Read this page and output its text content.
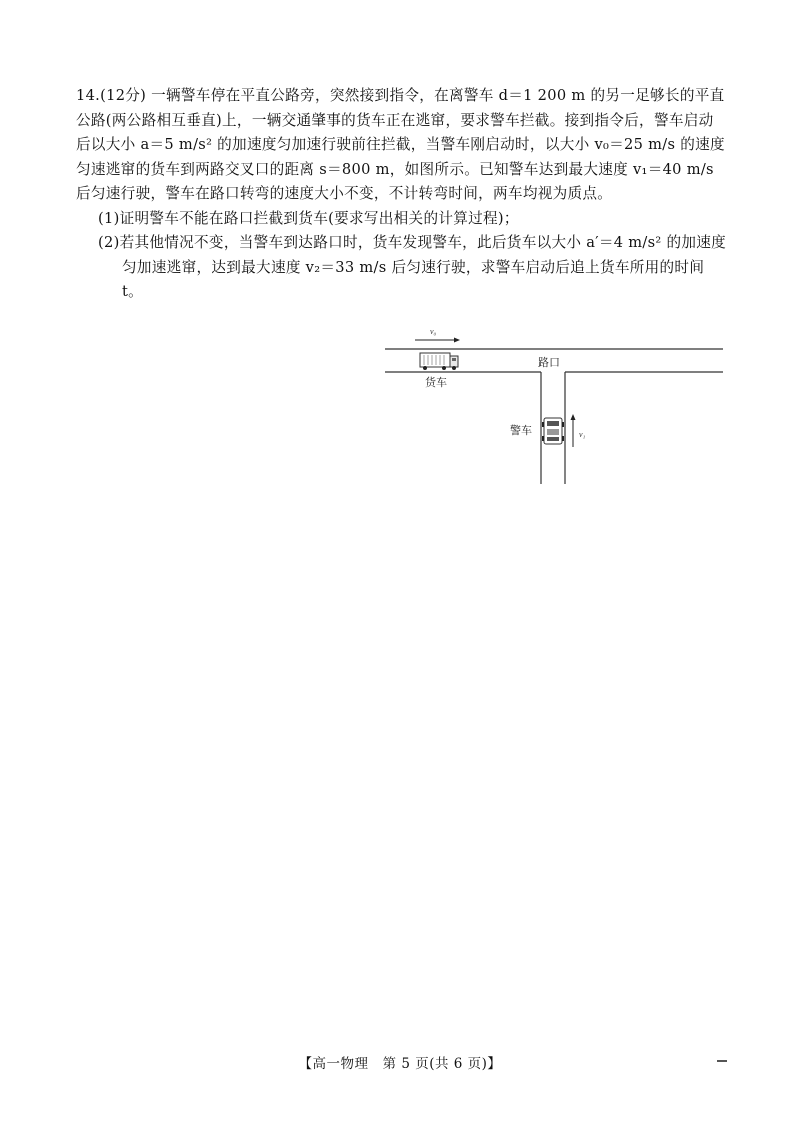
14.(12分) 一辆警车停在平直公路旁，突然接到指令，在离警车 d＝1 200 m 的另一足够长的平直公路(两公路相互垂直)上，一辆交通肇事的货车正在逃窜，要求警车拦截。接到指令后，警车启动后以大小 a＝5 m/s² 的加速度匀加速行驶前往拦截，当警车刚启动时，以大小 v₀＝25 m/s 的速度匀速逃窜的货车到两路交叉口的距离 s＝800 m，如图所示。已知警车达到最大速度 v₁＝40 m/s 后匀速行驶，警车在路口转弯的速度大小不变，不计转弯时间，两车均视为质点。

(1)证明警车不能在路口拦截到货车(要求写出相关的计算过程)；

(2)若其他情况不变，当警车到达路口时，货车发现警车，此后货车以大小 a′＝4 m/s² 的加速度匀加速逃窜，达到最大速度 v₂＝33 m/s 后匀速行驶，求警车启动后追上货车所用的时间 t。

v₀
货车
路口
警车	v₁
【高一物理　第 5 页(共 6 页)】
